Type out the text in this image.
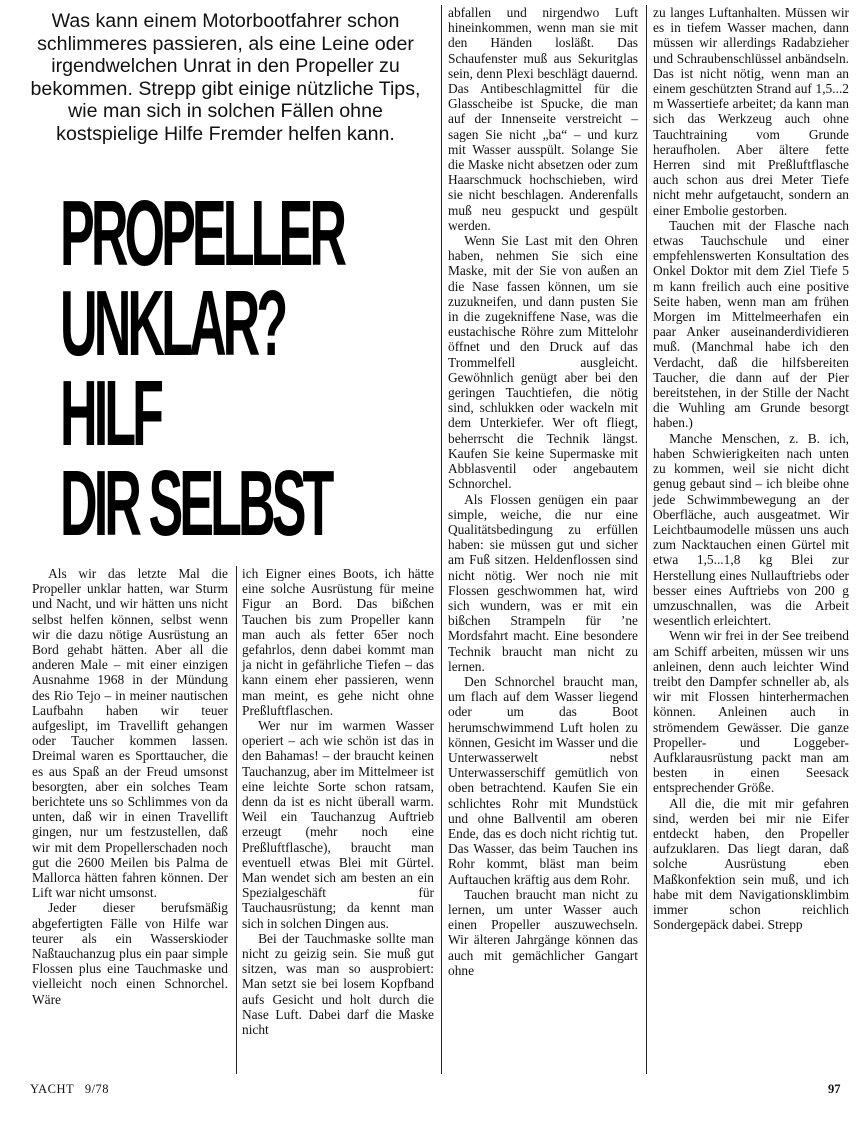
Was kann einem Motorbootfahrer schon schlimmeres passieren, als eine Leine oder irgendwelchen Unrat in den Propeller zu bekommen. Strepp gibt einige nützliche Tips, wie man sich in solchen Fällen ohne kostspielige Hilfe Fremder helfen kann.
PROPELLER
UNKLAR?
HILF
DIR SELBST

Als wir das letzte Mal die Propeller unklar hatten, war Sturm und Nacht, und wir hätten uns nicht selbst helfen können, selbst wenn wir die dazu nötige Ausrüstung an Bord gehabt hätten. Aber all die anderen Male – mit einer einzigen Ausnahme 1968 in der Mündung des Rio Tejo – in meiner nautischen Laufbahn haben wir teuer aufgeslipt, im Travellift gehangen oder Taucher kommen lassen. Dreimal waren es Sporttaucher, die es aus Spaß an der Freud umsonst besorgten, aber ein solches Team berichtete uns so Schlimmes von da unten, daß wir in einen Travellift gingen, nur um festzustellen, daß wir mit dem Propellerschaden noch gut die 2600 Meilen bis Palma de Mallorca hätten fahren können. Der Lift war nicht umsonst.

Jeder dieser berufsmäßig abgefertigten Fälle von Hilfe war teurer als ein Wasserskioder Naßtauchanzug plus ein paar simple Flossen plus eine Tauchmaske und vielleicht noch einen Schnorchel. Wäre

ich Eigner eines Boots, ich hätte eine solche Ausrüstung für meine Figur an Bord. Das bißchen Tauchen bis zum Propeller kann man auch als fetter 65er noch gefahrlos, denn dabei kommt man ja nicht in gefährliche Tiefen – das kann einem eher passieren, wenn man meint, es gehe nicht ohne Preßluftflaschen.

Wer nur im warmen Wasser operiert – ach wie schön ist das in den Bahamas! – der braucht keinen Tauchanzug, aber im Mittelmeer ist eine leichte Sorte schon ratsam, denn da ist es nicht überall warm. Weil ein Tauchanzug Auftrieb erzeugt (mehr noch eine Preßluftflasche), braucht man eventuell etwas Blei mit Gürtel. Man wendet sich am besten an ein Spezialgeschäft für Tauchausrüstung; da kennt man sich in solchen Dingen aus.

Bei der Tauchmaske sollte man nicht zu geizig sein. Sie muß gut sitzen, was man so ausprobiert: Man setzt sie bei losem Kopfband aufs Gesicht und holt durch die Nase Luft. Dabei darf die Maske nicht

abfallen und nirgendwo Luft hineinkommen, wenn man sie mit den Händen losläßt. Das Schaufenster muß aus Sekuritglas sein, denn Plexi beschlägt dauernd. Das Antibeschlagmittel für die Glasscheibe ist Spucke, die man auf der Innenseite verstreicht – sagen Sie nicht „ba“ – und kurz mit Wasser ausspült. Solange Sie die Maske nicht absetzen oder zum Haarschmuck hochschieben, wird sie nicht beschlagen. Anderenfalls muß neu gespuckt und gespült werden.

Wenn Sie Last mit den Ohren haben, nehmen Sie sich eine Maske, mit der Sie von außen an die Nase fassen können, um sie zuzukneifen, und dann pusten Sie in die zugekniffene Nase, was die eustachische Röhre zum Mittelohr öffnet und den Druck auf das Trommelfell ausgleicht. Gewöhnlich genügt aber bei den geringen Tauchtiefen, die nötig sind, schlukken oder wackeln mit dem Unterkiefer. Wer oft fliegt, beherrscht die Technik längst. Kaufen Sie keine Supermaske mit Abblasventil oder angebautem Schnorchel.

Als Flossen genügen ein paar simple, weiche, die nur eine Qualitätsbedingung zu erfüllen haben: sie müssen gut und sicher am Fuß sitzen. Heldenflossen sind nicht nötig. Wer noch nie mit Flossen geschwommen hat, wird sich wundern, was er mit ein bißchen Strampeln für ’ne Mordsfahrt macht. Eine besondere Technik braucht man nicht zu lernen.

Den Schnorchel braucht man, um flach auf dem Wasser liegend oder um das Boot herumschwimmend Luft holen zu können, Gesicht im Wasser und die Unterwasserwelt nebst Unterwasserschiff gemütlich von oben betrachtend. Kaufen Sie ein schlichtes Rohr mit Mundstück und ohne Ballventil am oberen Ende, das es doch nicht richtig tut. Das Wasser, das beim Tauchen ins Rohr kommt, bläst man beim Auftauchen kräftig aus dem Rohr.

Tauchen braucht man nicht zu lernen, um unter Wasser auch einen Propeller auszuwechseln. Wir älteren Jahrgänge können das auch mit gemächlicher Gangart ohne

zu langes Luftanhalten. Müssen wir es in tiefem Wasser machen, dann müssen wir allerdings Radabzieher und Schraubenschlüssel anbändseln. Das ist nicht nötig, wenn man an einem geschützten Strand auf 1,5...2 m Wassertiefe arbeitet; da kann man sich das Werkzeug auch ohne Tauchtraining vom Grunde heraufholen. Aber ältere fette Herren sind mit Preßluftflasche auch schon aus drei Meter Tiefe nicht mehr aufgetaucht, sondern an einer Embolie gestorben.

Tauchen mit der Flasche nach etwas Tauchschule und einer empfehlenswerten Konsultation des Onkel Doktor mit dem Ziel Tiefe 5 m kann freilich auch eine positive Seite haben, wenn man am frühen Morgen im Mittelmeerhafen ein paar Anker auseinanderdividieren muß. (Manchmal habe ich den Verdacht, daß die hilfsbereiten Taucher, die dann auf der Pier bereitstehen, in der Stille der Nacht die Wuhling am Grunde besorgt haben.)

Manche Menschen, z. B. ich, haben Schwierigkeiten nach unten zu kommen, weil sie nicht dicht genug gebaut sind – ich bleibe ohne jede Schwimmbewegung an der Oberfläche, auch ausgeatmet. Wir Leichtbaumodelle müssen uns auch zum Nacktauchen einen Gürtel mit etwa 1,5...1,8 kg Blei zur Herstellung eines Nullauftriebs oder besser eines Auftriebs von 200 g umzuschnallen, was die Arbeit wesentlich erleichtert.

Wenn wir frei in der See treibend am Schiff arbeiten, müssen wir uns anleinen, denn auch leichter Wind treibt den Dampfer schneller ab, als wir mit Flossen hinterhermachen können. Anleinen auch in strömendem Gewässer. Die ganze Propeller- und Loggeber-Aufklarausrüstung packt man am besten in einen Seesack entsprechender Größe.

All die, die mit mir gefahren sind, werden bei mir nie Eifer entdeckt haben, den Propeller aufzuklaren. Das liegt daran, daß solche Ausrüstung eben Maßkonfektion sein muß, und ich habe mit dem Navigationsklimbim immer schon reichlich Sondergepäck dabei. Strepp

YACHT 9/78	97
